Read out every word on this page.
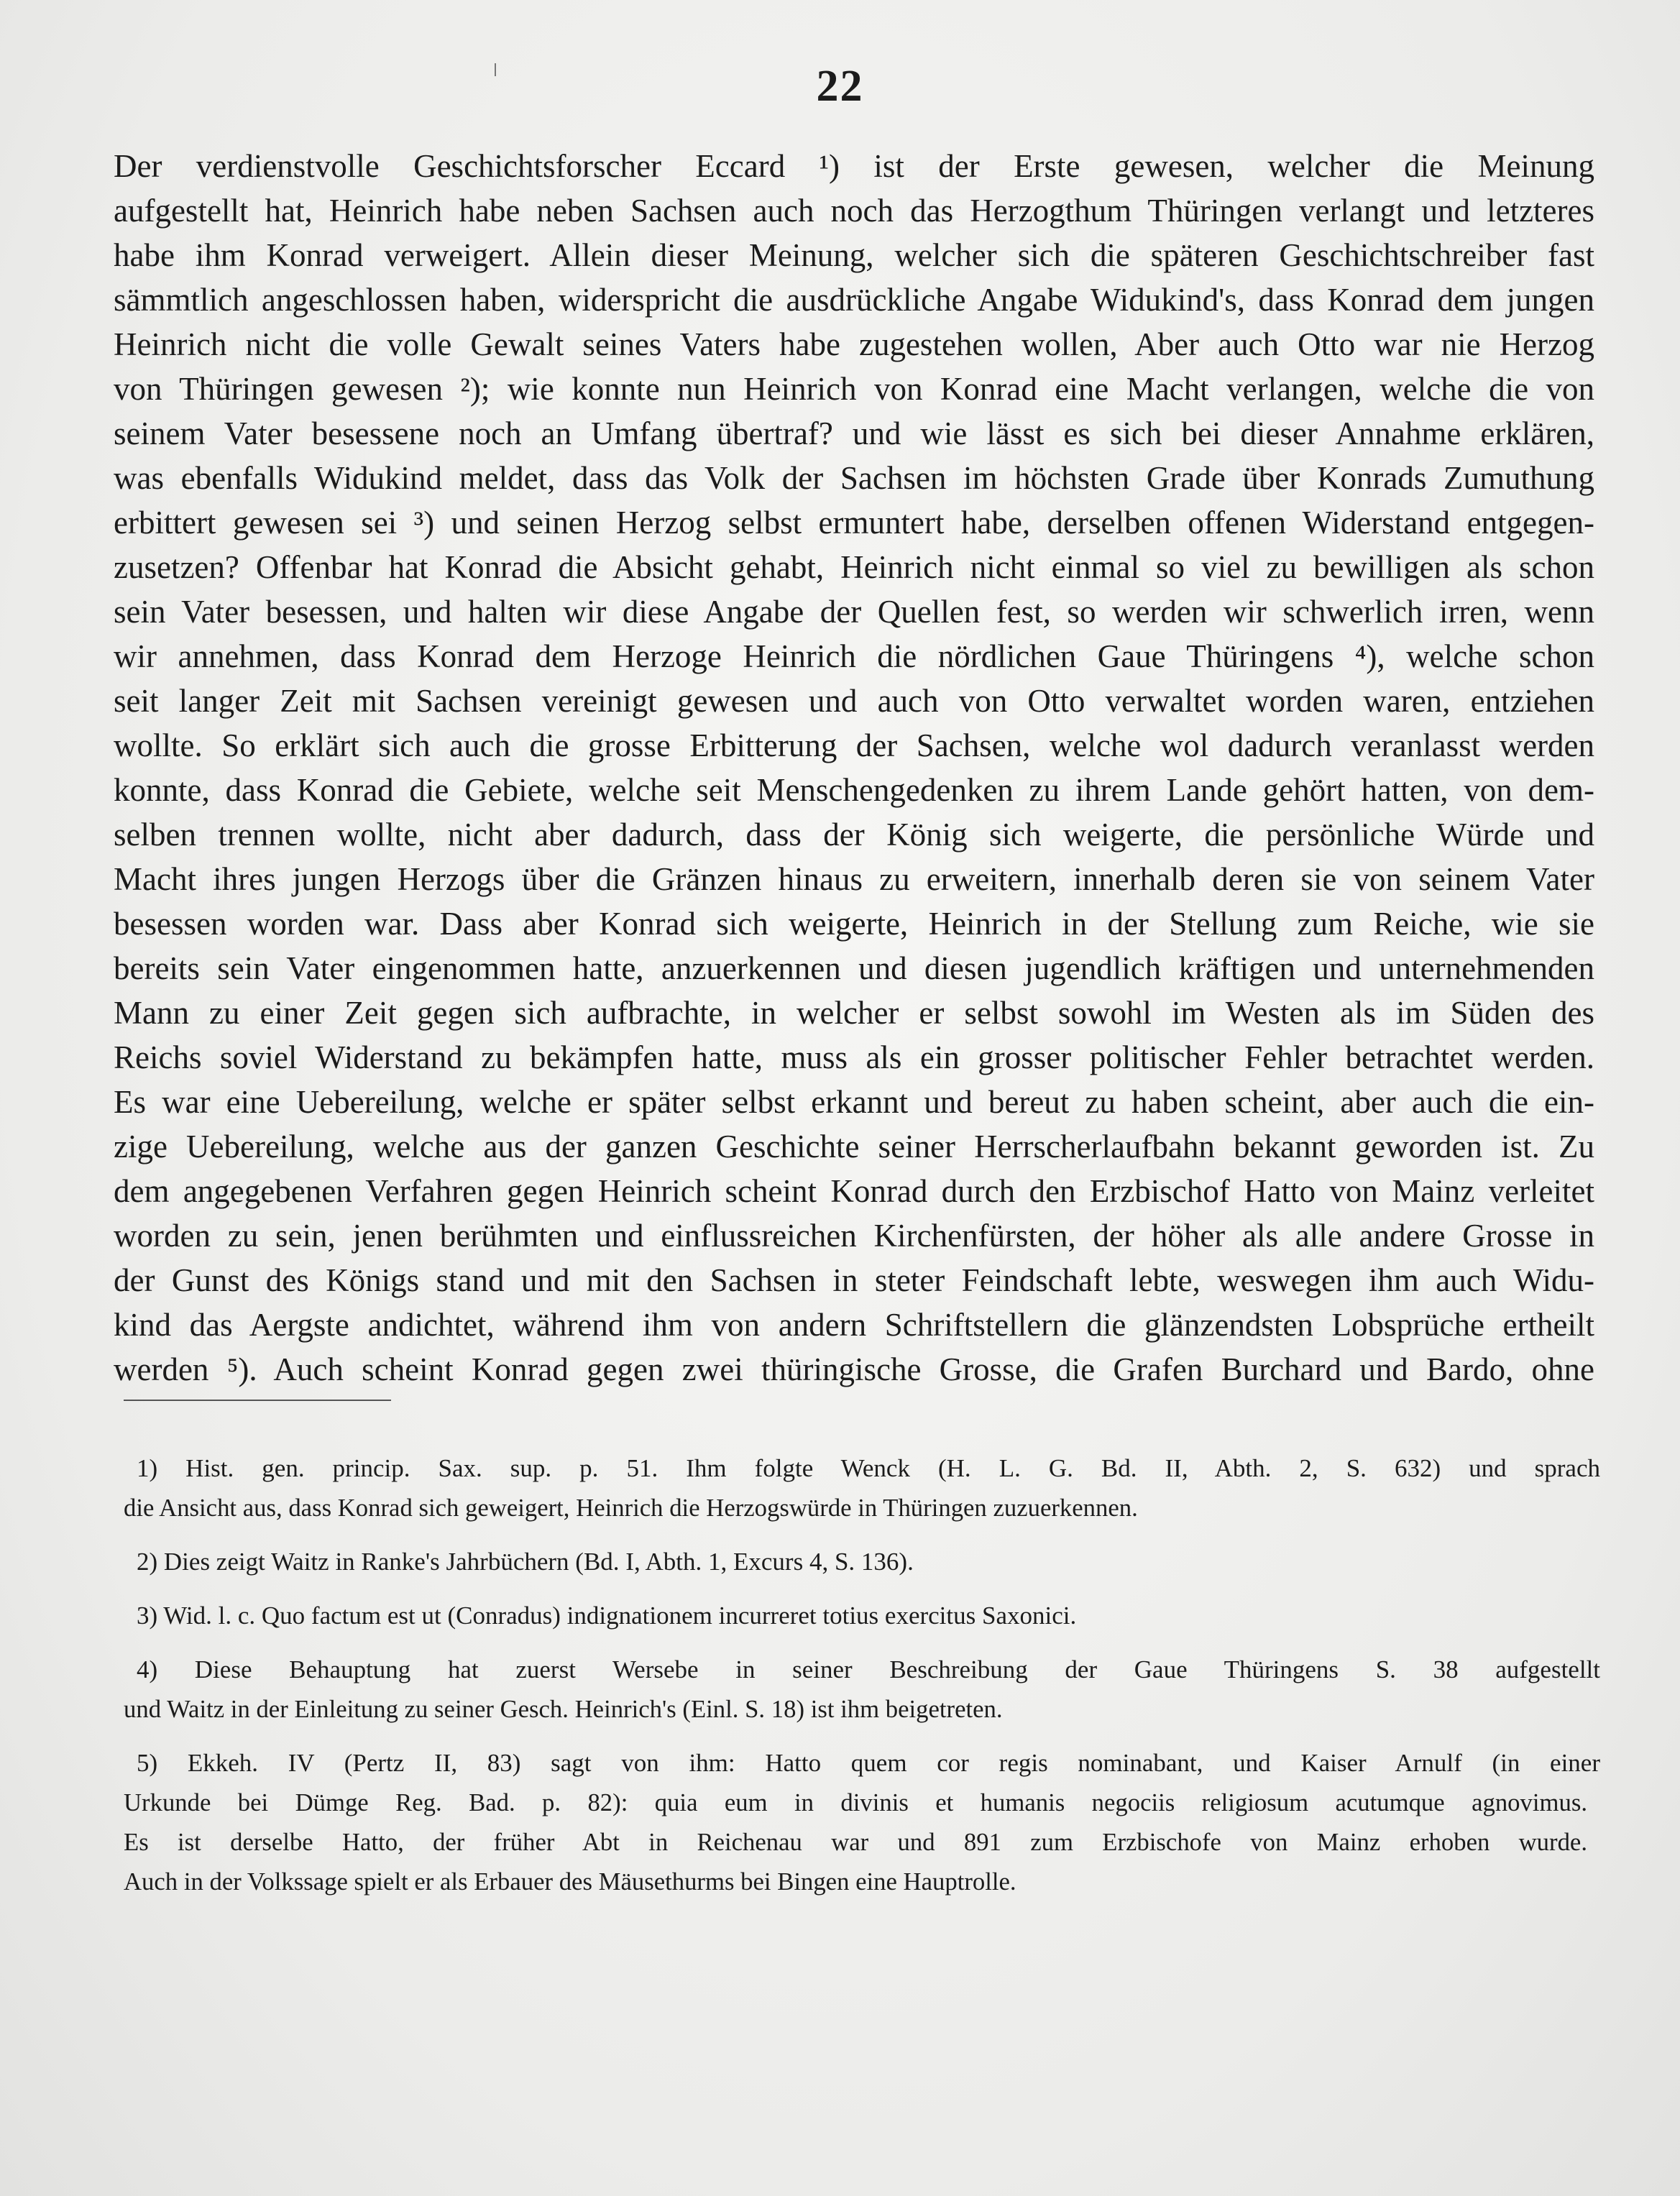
22
Der verdienstvolle Geschichtsforscher Eccard ¹) ist der Erste gewesen, welcher die Meinung
aufgestellt hat, Heinrich habe neben Sachsen auch noch das Herzogthum Thüringen verlangt und letzteres
habe ihm Konrad verweigert. Allein dieser Meinung, welcher sich die späteren Geschichtschreiber fast
sämmtlich angeschlossen haben, widerspricht die ausdrückliche Angabe Widukind's, dass Konrad dem jungen
Heinrich nicht die volle Gewalt seines Vaters habe zugestehen wollen, Aber auch Otto war nie Herzog
von Thüringen gewesen ²); wie konnte nun Heinrich von Konrad eine Macht verlangen, welche die von
seinem Vater besessene noch an Umfang übertraf? und wie lässt es sich bei dieser Annahme erklären,
was ebenfalls Widukind meldet, dass das Volk der Sachsen im höchsten Grade über Konrads Zumuthung
erbittert gewesen sei ³) und seinen Herzog selbst ermuntert habe, derselben offenen Widerstand entgegen-
zusetzen? Offenbar hat Konrad die Absicht gehabt, Heinrich nicht einmal so viel zu bewilligen als schon
sein Vater besessen, und halten wir diese Angabe der Quellen fest, so werden wir schwerlich irren, wenn
wir annehmen, dass Konrad dem Herzoge Heinrich die nördlichen Gaue Thüringens ⁴), welche schon
seit langer Zeit mit Sachsen vereinigt gewesen und auch von Otto verwaltet worden waren, entziehen
wollte. So erklärt sich auch die grosse Erbitterung der Sachsen, welche wol dadurch veranlasst werden
konnte, dass Konrad die Gebiete, welche seit Menschengedenken zu ihrem Lande gehört hatten, von dem-
selben trennen wollte, nicht aber dadurch, dass der König sich weigerte, die persönliche Würde und
Macht ihres jungen Herzogs über die Gränzen hinaus zu erweitern, innerhalb deren sie von seinem Vater
besessen worden war. Dass aber Konrad sich weigerte, Heinrich in der Stellung zum Reiche, wie sie
bereits sein Vater eingenommen hatte, anzuerkennen und diesen jugendlich kräftigen und unternehmenden
Mann zu einer Zeit gegen sich aufbrachte, in welcher er selbst sowohl im Westen als im Süden des
Reichs soviel Widerstand zu bekämpfen hatte, muss als ein grosser politischer Fehler betrachtet werden.
Es war eine Uebereilung, welche er später selbst erkannt und bereut zu haben scheint, aber auch die ein-
zige Uebereilung, welche aus der ganzen Geschichte seiner Herrscherlaufbahn bekannt geworden ist. Zu
dem angegebenen Verfahren gegen Heinrich scheint Konrad durch den Erzbischof Hatto von Mainz verleitet
worden zu sein, jenen berühmten und einflussreichen Kirchenfürsten, der höher als alle andere Grosse in
der Gunst des Königs stand und mit den Sachsen in steter Feindschaft lebte, weswegen ihm auch Widu-
kind das Aergste andichtet, während ihm von andern Schriftstellern die glänzendsten Lobsprüche ertheilt
werden ⁵). Auch scheint Konrad gegen zwei thüringische Grosse, die Grafen Burchard und Bardo, ohne
1) Hist. gen. princip. Sax. sup. p. 51. Ihm folgte Wenck (H. L. G. Bd. II, Abth. 2, S. 632) und sprach
die Ansicht aus, dass Konrad sich geweigert, Heinrich die Herzogswürde in Thüringen zuzuerkennen.
2) Dies zeigt Waitz in Ranke's Jahrbüchern (Bd. I, Abth. 1, Excurs 4, S. 136).
3) Wid. l. c. Quo factum est ut (Conradus) indignationem incurreret totius exercitus Saxonici.
4) Diese Behauptung hat zuerst Wersebe in seiner Beschreibung der Gaue Thüringens S. 38 aufgestellt
und Waitz in der Einleitung zu seiner Gesch. Heinrich's (Einl. S. 18) ist ihm beigetreten.
5) Ekkeh. IV (Pertz II, 83) sagt von ihm: Hatto quem cor regis nominabant, und Kaiser Arnulf (in einer
Urkunde bei Dümge Reg. Bad. p. 82): quia eum in divinis et humanis negociis religiosum acutumque agnovimus.
Es ist derselbe Hatto, der früher Abt in Reichenau war und 891 zum Erzbischofe von Mainz erhoben wurde.
Auch in der Volkssage spielt er als Erbauer des Mäusethurms bei Bingen eine Hauptrolle.
